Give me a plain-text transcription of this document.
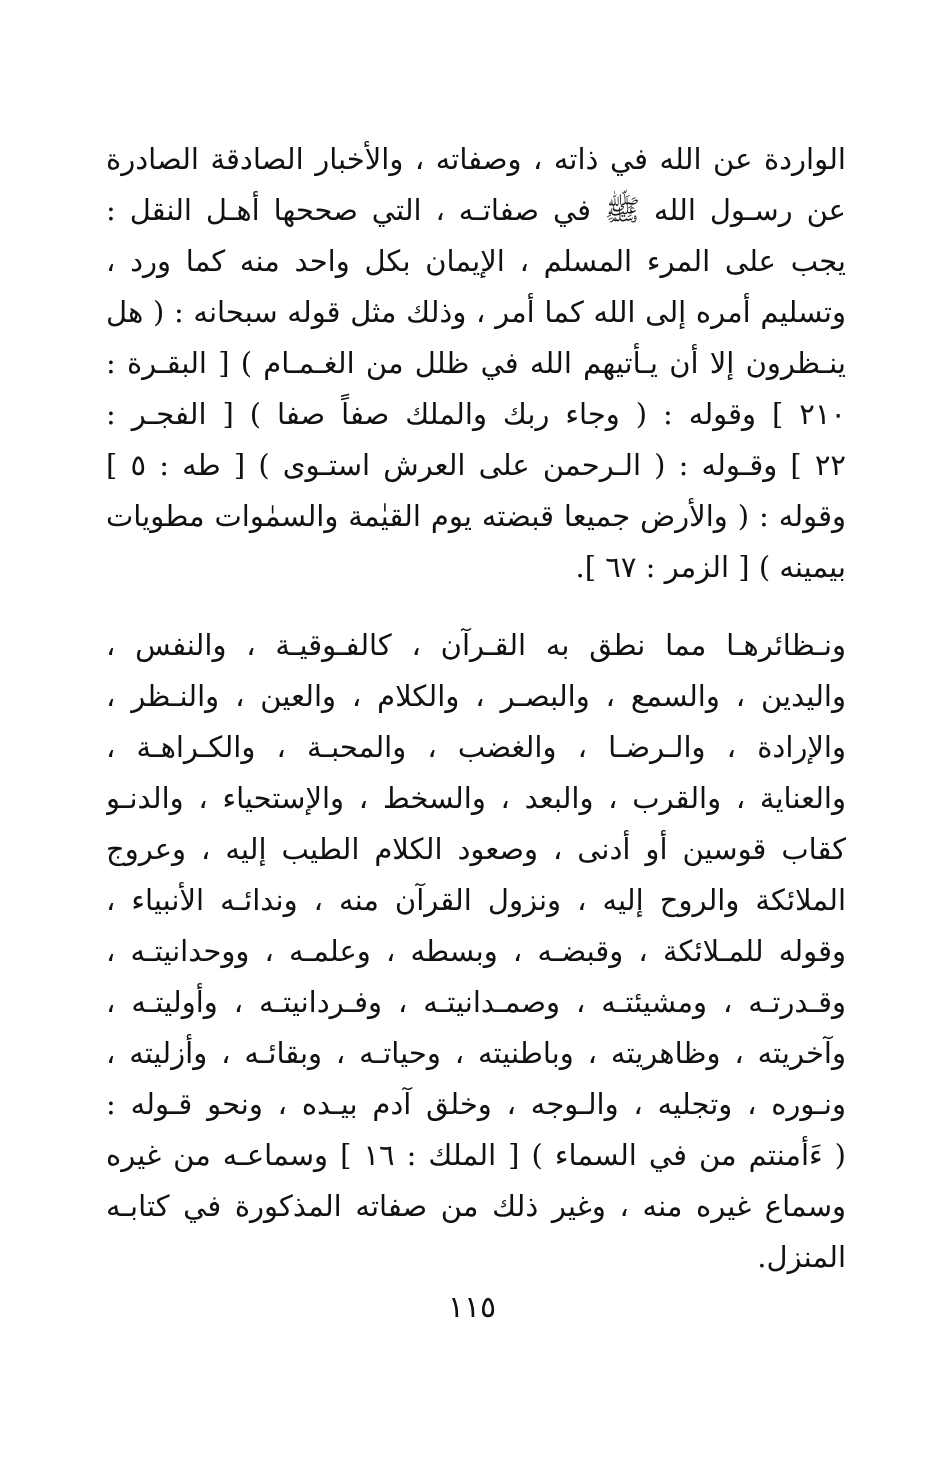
الواردة عن الله في ذاته ، وصفاته ، والأخبار الصادقة الصادرة
عن رسـول الله ﷺ في صفاتـه ، التي صححها أهـل النقل :
يجب على المرء المسلم ، الإيمان بكل واحد منه كما ورد ،
وتسليم أمره إلى الله كما أمر ، وذلك مثل قوله سبحانه : ( هل
ينـظرون إلا أن يـأتيهم الله في ظلل من الغـمـام ) [ البقـرة :
٢١٠ ] وقوله : ( وجاء ربك والملك صفاً صفا ) [ الفجـر :
٢٢ ] وقـوله : ( الـرحمن على العرش استـوى ) [ طه : ٥ ]
وقوله : ( والأرض جميعا قبضته يوم القيٰمة والسمٰوات مطويات
بيمينه ) [ الزمر : ٦٧ ].
ونـظائرهـا مما نطق به القـرآن ، كالفـوقيـة ، والنفس ،
واليدين ، والسمع ، والبصـر ، والكلام ، والعين ، والنـظر ،
والإرادة ، والـرضـا ، والغضب ، والمحبـة ، والكـراهـة ،
والعناية ، والقرب ، والبعد ، والسخط ، والإستحياء ، والدنـو
كقاب قوسين أو أدنى ، وصعود الكلام الطيب إليه ، وعروج
الملائكة والروح إليه ، ونزول القرآن منه ، وندائـه الأنبياء ،
وقوله للمـلائكة ، وقبضـه ، وبسطه ، وعلمـه ، ووحدانيتـه ،
وقـدرتـه ، ومشيئتـه ، وصمـدانيتـه ، وفـردانيتـه ، وأوليتـه ،
وآخريته ، وظاهريته ، وباطنيته ، وحياتـه ، وبقائـه ، وأزليته ،
ونـوره ، وتجليه ، والـوجه ، وخلق آدم بيـده ، ونحو قـوله :
( ءَأمنتم من في السماء ) [ الملك : ١٦ ] وسماعـه من غيره
وسماع غيره منه ، وغير ذلك من صفاته المذكورة في كتابـه
المنزل.
١١٥
